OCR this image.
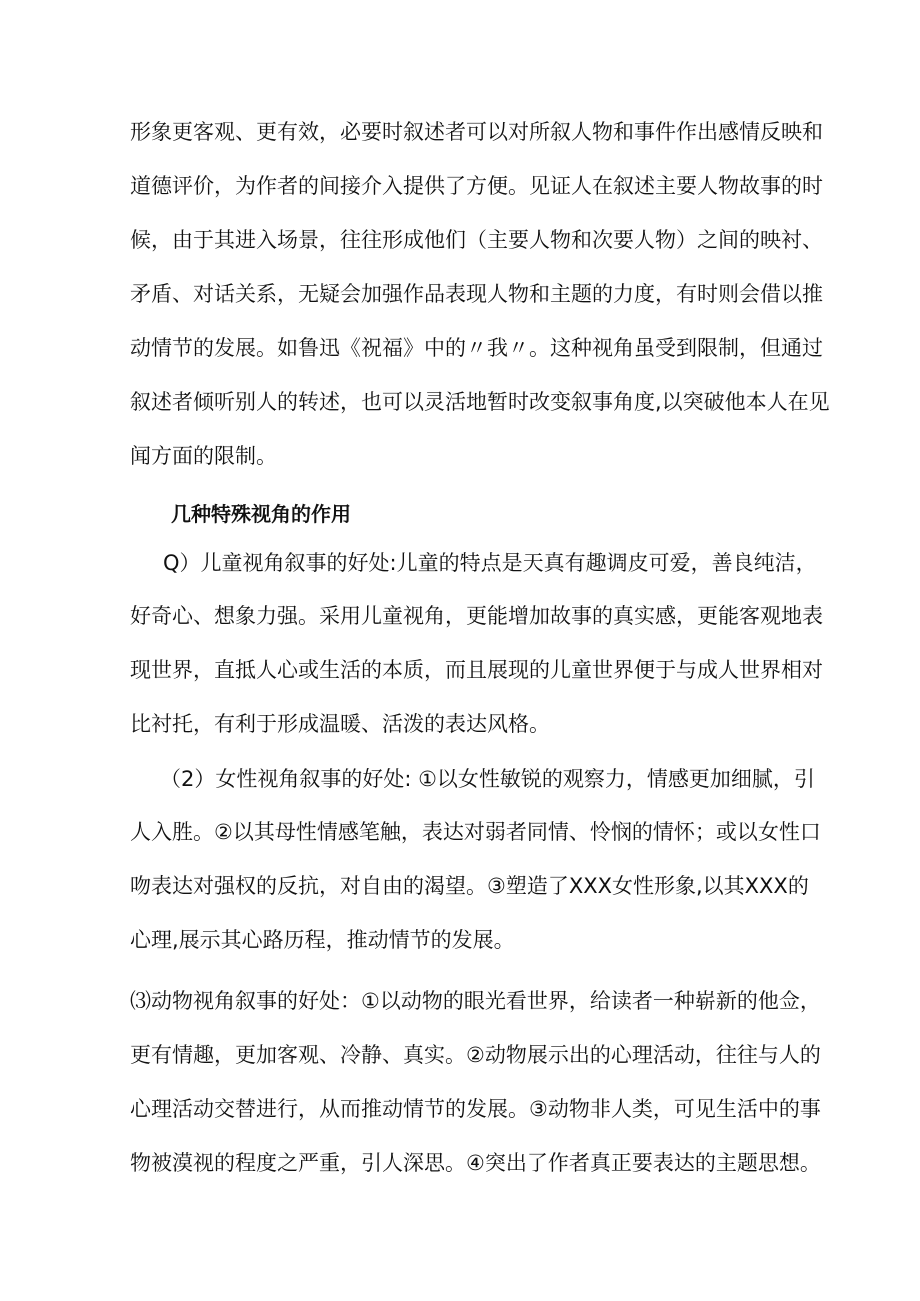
形象更客观、更有效，必要时叙述者可以对所叙人物和事件作出感情反映和

道德评价，为作者的间接介入提供了方便。见证人在叙述主要人物故事的时

候，由于其进入场景，往往形成他们（主要人物和次要人物）之间的映衬、

矛盾、对话关系，无疑会加强作品表现人物和主题的力度，有时则会借以推

动情节的发展。如鲁迅《祝福》中的〃我〃。这种视角虽受到限制，但通过

叙述者倾听别人的转述，也可以灵活地暂时改变叙事角度,以突破他本人在见

闻方面的限制。

几种特殊视角的作用

Q）儿童视角叙事的好处:儿童的特点是天真有趣调皮可爱，善良纯洁，

好奇心、想象力强。采用儿童视角，更能增加故事的真实感，更能客观地表

现世界，直抵人心或生活的本质，而且展现的儿童世界便于与成人世界相对

比衬托，有利于形成温暖、活泼的表达风格。

（2）女性视角叙事的好处: ①以女性敏锐的观察力，情感更加细腻，引

人入胜。②以其母性情感笔触，表达对弱者同情、怜悯的情怀；或以女性口

吻表达对强权的反抗，对自由的渴望。③塑造了XXX女性形象,以其XXX的

心理,展示其心路历程，推动情节的发展。

⑶动物视角叙事的好处：①以动物的眼光看世界，给读者一种崭新的他佥，

更有情趣，更加客观、冷静、真实。②动物展示出的心理活动，往往与人的

心理活动交替进行，从而推动情节的发展。③动物非人类，可见生活中的事

物被漠视的程度之严重，引人深思。④突出了作者真正要表达的主题思想。
